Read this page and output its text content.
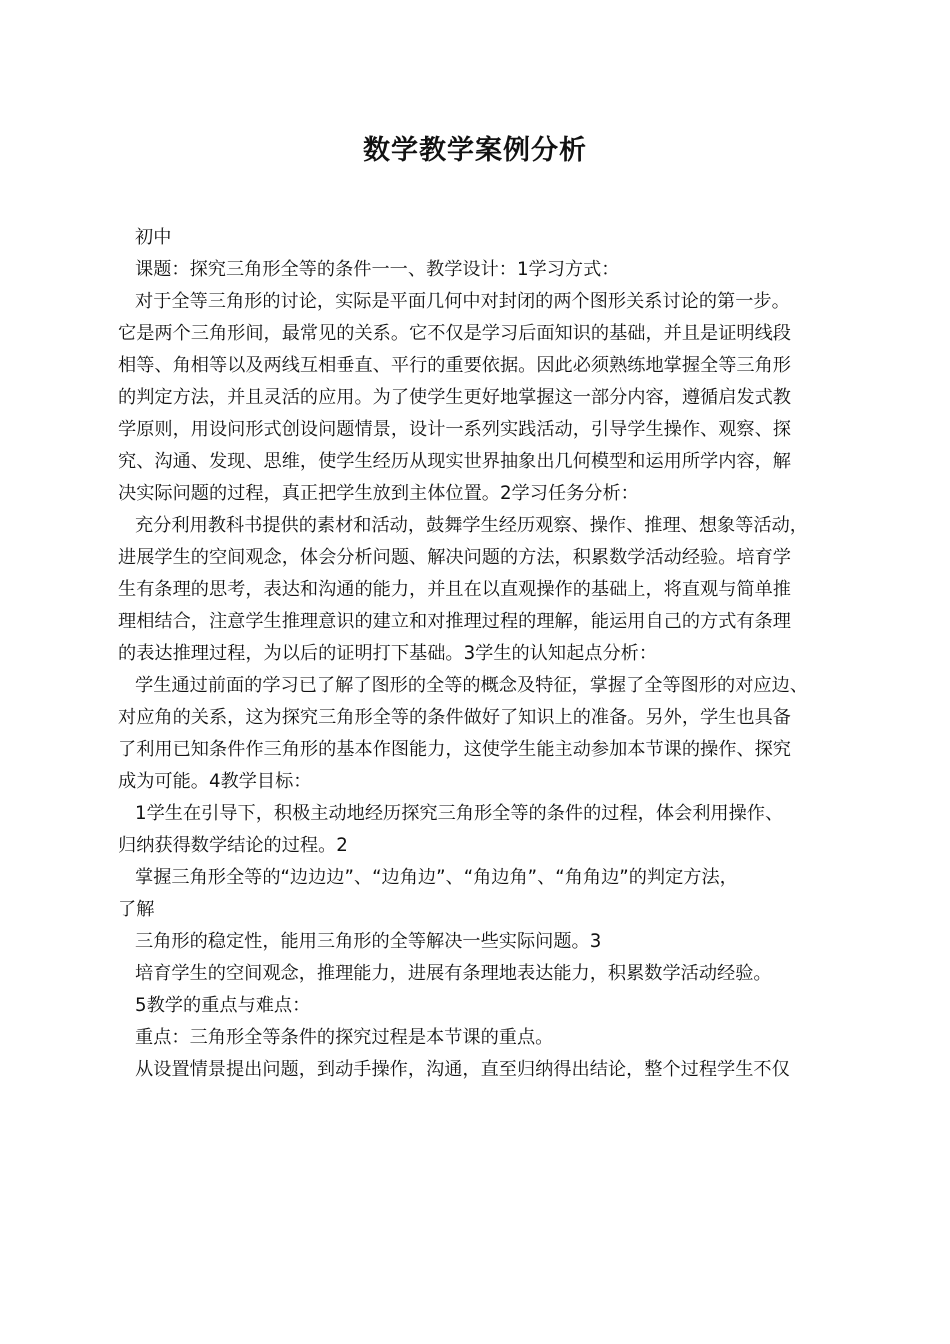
数学教学案例分析
初中
课题：探究三角形全等的条件一一、教学设计：1学习方式：
对于全等三角形的讨论，实际是平面几何中对封闭的两个图形关系讨论的第一步。
它是两个三角形间，最常见的关系。它不仅是学习后面知识的基础，并且是证明线段
相等、角相等以及两线互相垂直、平行的重要依据。因此必须熟练地掌握全等三角形
的判定方法，并且灵活的应用。为了使学生更好地掌握这一部分内容，遵循启发式教
学原则，用设问形式创设问题情景，设计一系列实践活动，引导学生操作、观察、探
究、沟通、发现、思维，使学生经历从现实世界抽象出几何模型和运用所学内容，解
决实际问题的过程，真正把学生放到主体位置。2学习任务分析：
充分利用教科书提供的素材和活动，鼓舞学生经历观察、操作、推理、想象等活动，
进展学生的空间观念，体会分析问题、解决问题的方法，积累数学活动经验。培育学
生有条理的思考，表达和沟通的能力，并且在以直观操作的基础上，将直观与简单推
理相结合，注意学生推理意识的建立和对推理过程的理解，能运用自己的方式有条理
的表达推理过程，为以后的证明打下基础。3学生的认知起点分析：
学生通过前面的学习已了解了图形的全等的概念及特征，掌握了全等图形的对应边、
对应角的关系，这为探究三角形全等的条件做好了知识上的准备。另外，学生也具备
了利用已知条件作三角形的基本作图能力，这使学生能主动参加本节课的操作、探究
成为可能。4教学目标：
1学生在引导下，积极主动地经历探究三角形全等的条件的过程，体会利用操作、
归纳获得数学结论的过程。2
掌握三角形全等的“边边边”、“边角边”、“角边角”、“角角边”的判定方法，
了解
三角形的稳定性，能用三角形的全等解决一些实际问题。3
培育学生的空间观念，推理能力，进展有条理地表达能力，积累数学活动经验。
5教学的重点与难点：
重点：三角形全等条件的探究过程是本节课的重点。
从设置情景提出问题，到动手操作，沟通，直至归纳得出结论，整个过程学生不仅
